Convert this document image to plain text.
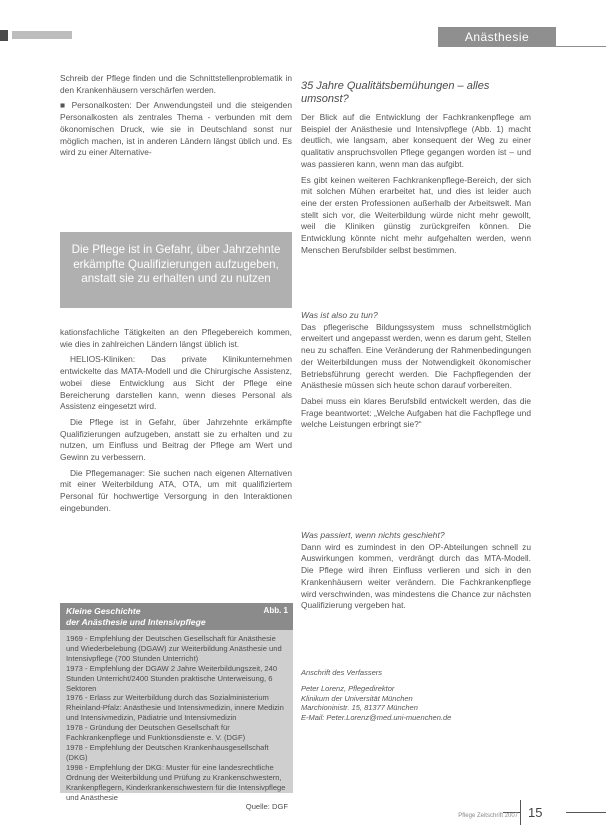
Anästhesie

Schreib der Pflege finden und die Schnittstellenproblematik in den Krankenhäusern verschärfen werden.

■ Personalkosten: Der Anwendungsteil und die steigenden Personalkosten als zentrales Thema - verbunden mit dem ökonomischen Druck, wie sie in Deutschland sonst nur möglich machen, ist in anderen Ländern längst üblich und. Es wird zu einer Alternative-

Die Pflege ist in Gefahr, über Jahrzehnte erkämpfte Qualifizierungen aufzugeben, anstatt sie zu erhalten und zu nutzen

kationsfachliche Tätigkeiten an den Pflegebereich kommen, wie dies in zahlreichen Ländern längst üblich ist.

HELIOS-Kliniken: Das private Klinikunternehmen entwickelte das MATA-Modell und die Chirurgische Assistenz, wobei diese Entwicklung aus Sicht der Pflege eine Bereicherung darstellen kann, wenn dieses Personal als Assistenz eingesetzt wird.

Die Pflege ist in Gefahr, über Jahrzehnte erkämpfte Qualifizierungen aufzugeben, anstatt sie zu erhalten und zu nutzen, um Einfluss und Beitrag der Pflege am Wert und Gewinn zu verbessern.

Die Pflegemanager: Sie suchen nach eigenen Alternativen mit einer Weiterbildung ATA, OTA, um mit qualifiziertem Personal für hochwertige Versorgung in den Interaktionen eingebunden.

Kleine Geschichte
der Anästhesie und Intensivpflege
Abb. 1
1969 - Empfehlung der Deutschen Gesellschaft für Anästhesie und Wiederbelebung (DGAW) zur Weiterbildung Anästhesie und Intensivpflege (700 Stunden Unterricht)
1973 - Empfehlung der DGAW 2 Jahre Weiterbildungszeit, 240 Stunden Unterricht/2400 Stunden praktische Unterweisung, 6 Sektoren
1976 - Erlass zur Weiterbildung durch das Sozialministerium Rheinland-Pfalz: Anästhesie und Intensivmedizin, innere Medizin und Intensivmedizin, Pädiatrie und Intensivmedizin
1978 - Gründung der Deutschen Gesellschaft für Fachkrankenpflege und Funktionsdienste e. V. (DGF)
1978 - Empfehlung der Deutschen Krankenhausgesellschaft (DKG)
1998 - Empfehlung der DKG: Muster für eine landesrechtliche Ordnung der Weiterbildung und Prüfung zu Krankenschwestern, Krankenpflegern, Kinderkrankenschwestern für die Intensivpflege und Anästhesie
Quelle: DGF
35 Jahre Qualitätsbemühungen – alles umsonst?

Der Blick auf die Entwicklung der Fachkrankenpflege am Beispiel der Anästhesie und Intensivpflege (Abb. 1) macht deutlich, wie langsam, aber konsequent der Weg zu einer qualitativ anspruchsvollen Pflege gegangen worden ist – und was passieren kann, wenn man das aufgibt.

Es gibt keinen weiteren Fachkrankenpflege-Bereich, der sich mit solchen Mühen erarbeitet hat, und dies ist leider auch eine der ersten Professionen außerhalb der Arbeitswelt. Man stellt sich vor, die Weiterbildung würde nicht mehr gewollt, weil die Kliniken günstig zurückgreifen können. Die Entwicklung könnte nicht mehr aufgehalten werden, wenn Menschen Berufsbilder selbst bestimmen.

Was ist also zu tun?

Das pflegerische Bildungssystem muss schnellstmöglich erweitert und angepasst werden, wenn es darum geht, Stellen neu zu schaffen. Eine Veränderung der Rahmenbedingungen der Weiterbildungen muss der Notwendigkeit ökonomischer Betriebsführung gerecht werden. Die Fachpflegenden der Anästhesie müssen sich heute schon darauf vorbereiten.

Dabei muss ein klares Berufsbild entwickelt werden, das die Frage beantwortet: „Welche Aufgaben hat die Fachpflege und welche Leistungen erbringt sie?“

Was passiert, wenn nichts geschieht?

Dann wird es zumindest in den OP-Abteilungen schnell zu Auswirkungen kommen, verdrängt durch das MTA-Modell. Die Pflege wird ihren Einfluss verlieren und sich in den Krankenhäusern weiter verändern. Die Fachkrankenpflege wird verschwinden, was mindestens die Chance zur nächsten Qualifizierung vergeben hat.

Anschrift des Verfassers
Peter Lorenz, Pflegedirektor
Klinikum der Universität München
Marchioninistr. 15, 81377 München
E-Mail: Peter.Lorenz@med.uni-muenchen.de
Pflege Zeitschrift 2007 15
